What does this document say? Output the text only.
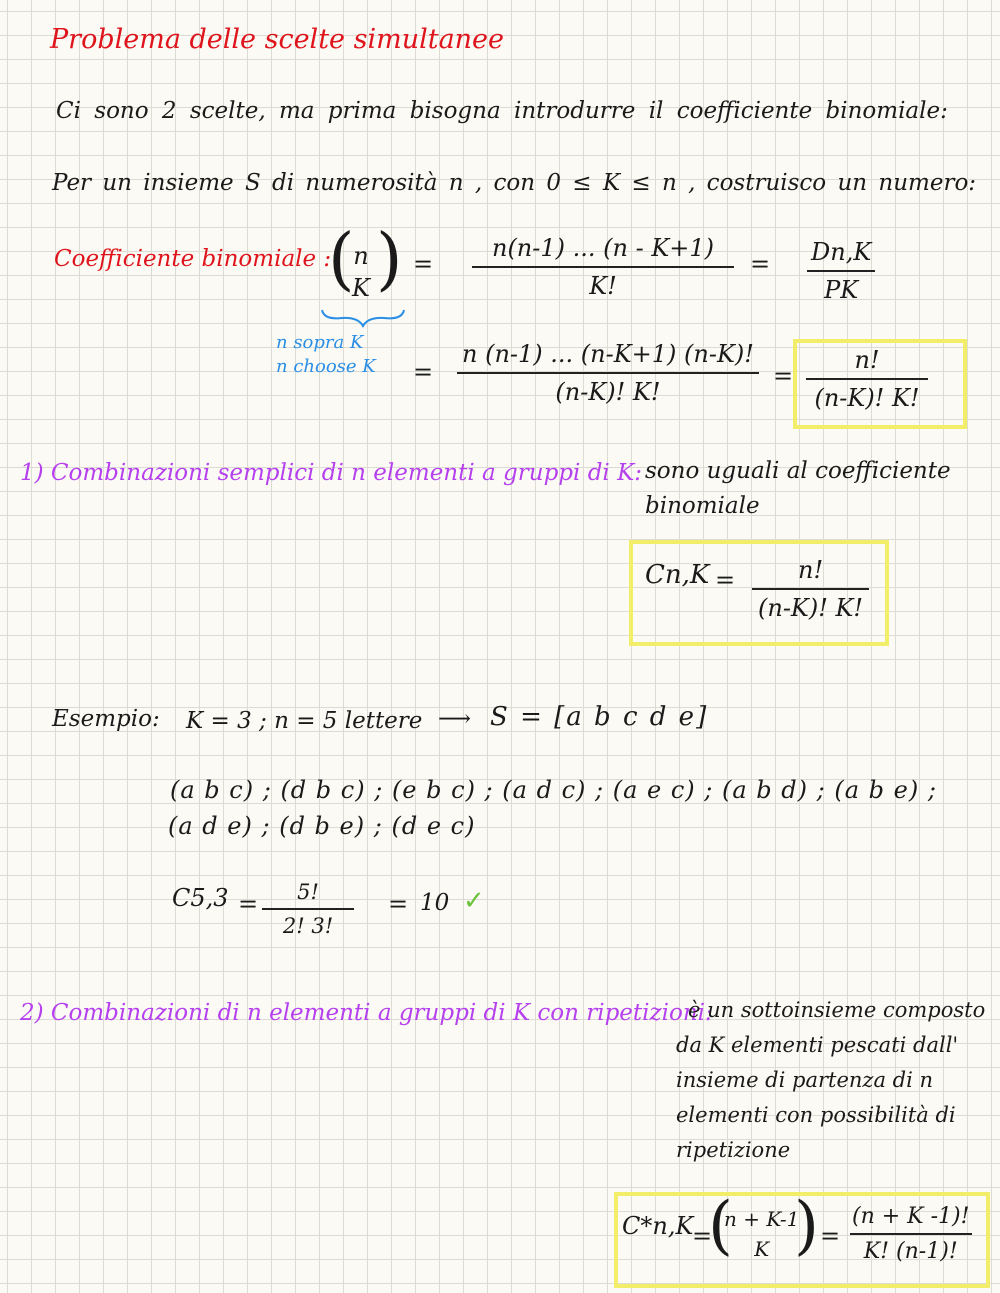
Problema delle scelte simultanee
Ci sono 2 scelte, ma prima bisogna introdurre il coefficiente binomiale:
Per un insieme S di numerosità n , con 0 ≤ K ≤ n , costruisco un numero:
Coefficiente binomiale :
(
n
K ) = $\frac{n(n-1) ... (n - K+1)}{K!} = \frac{Dn,K}{PK}$
n sopra K
n choose $K = \frac{n (n-1) ... (n-K+1) (n-K)!}{(n-K)! K!} = \frac{n!}{(n-K)! K!}$
1) Combinazioni semplici di n elementi a gruppi di K: sono uguali al coefficiente
binomiale
$Cn,K = \frac{n!}{(n-K)! K!}$
Esempio: K = 3 ; n = 5 lettere ⟶ S = [a b c d e]
(a b c) ; (d b c) ; (e b c) ; (a d c) ; (a e c) ; (a b d) ; (a b e) ;
(a d e) ; (d b e) ; (d e c)
$C5,3 = \frac{5!}{2! 3!} = 10$ ✓
2) Combinazioni di n elementi a gruppi di K con ripetizioni:
è un sottoinsieme composto
da K elementi pescati dall'
insieme di partenza di n
elementi con possibilità di
ripetizione
C*n,K
=
(
n + K-1
K ) = $\frac{(n + K -1)!}{K! (n-1)!}$
